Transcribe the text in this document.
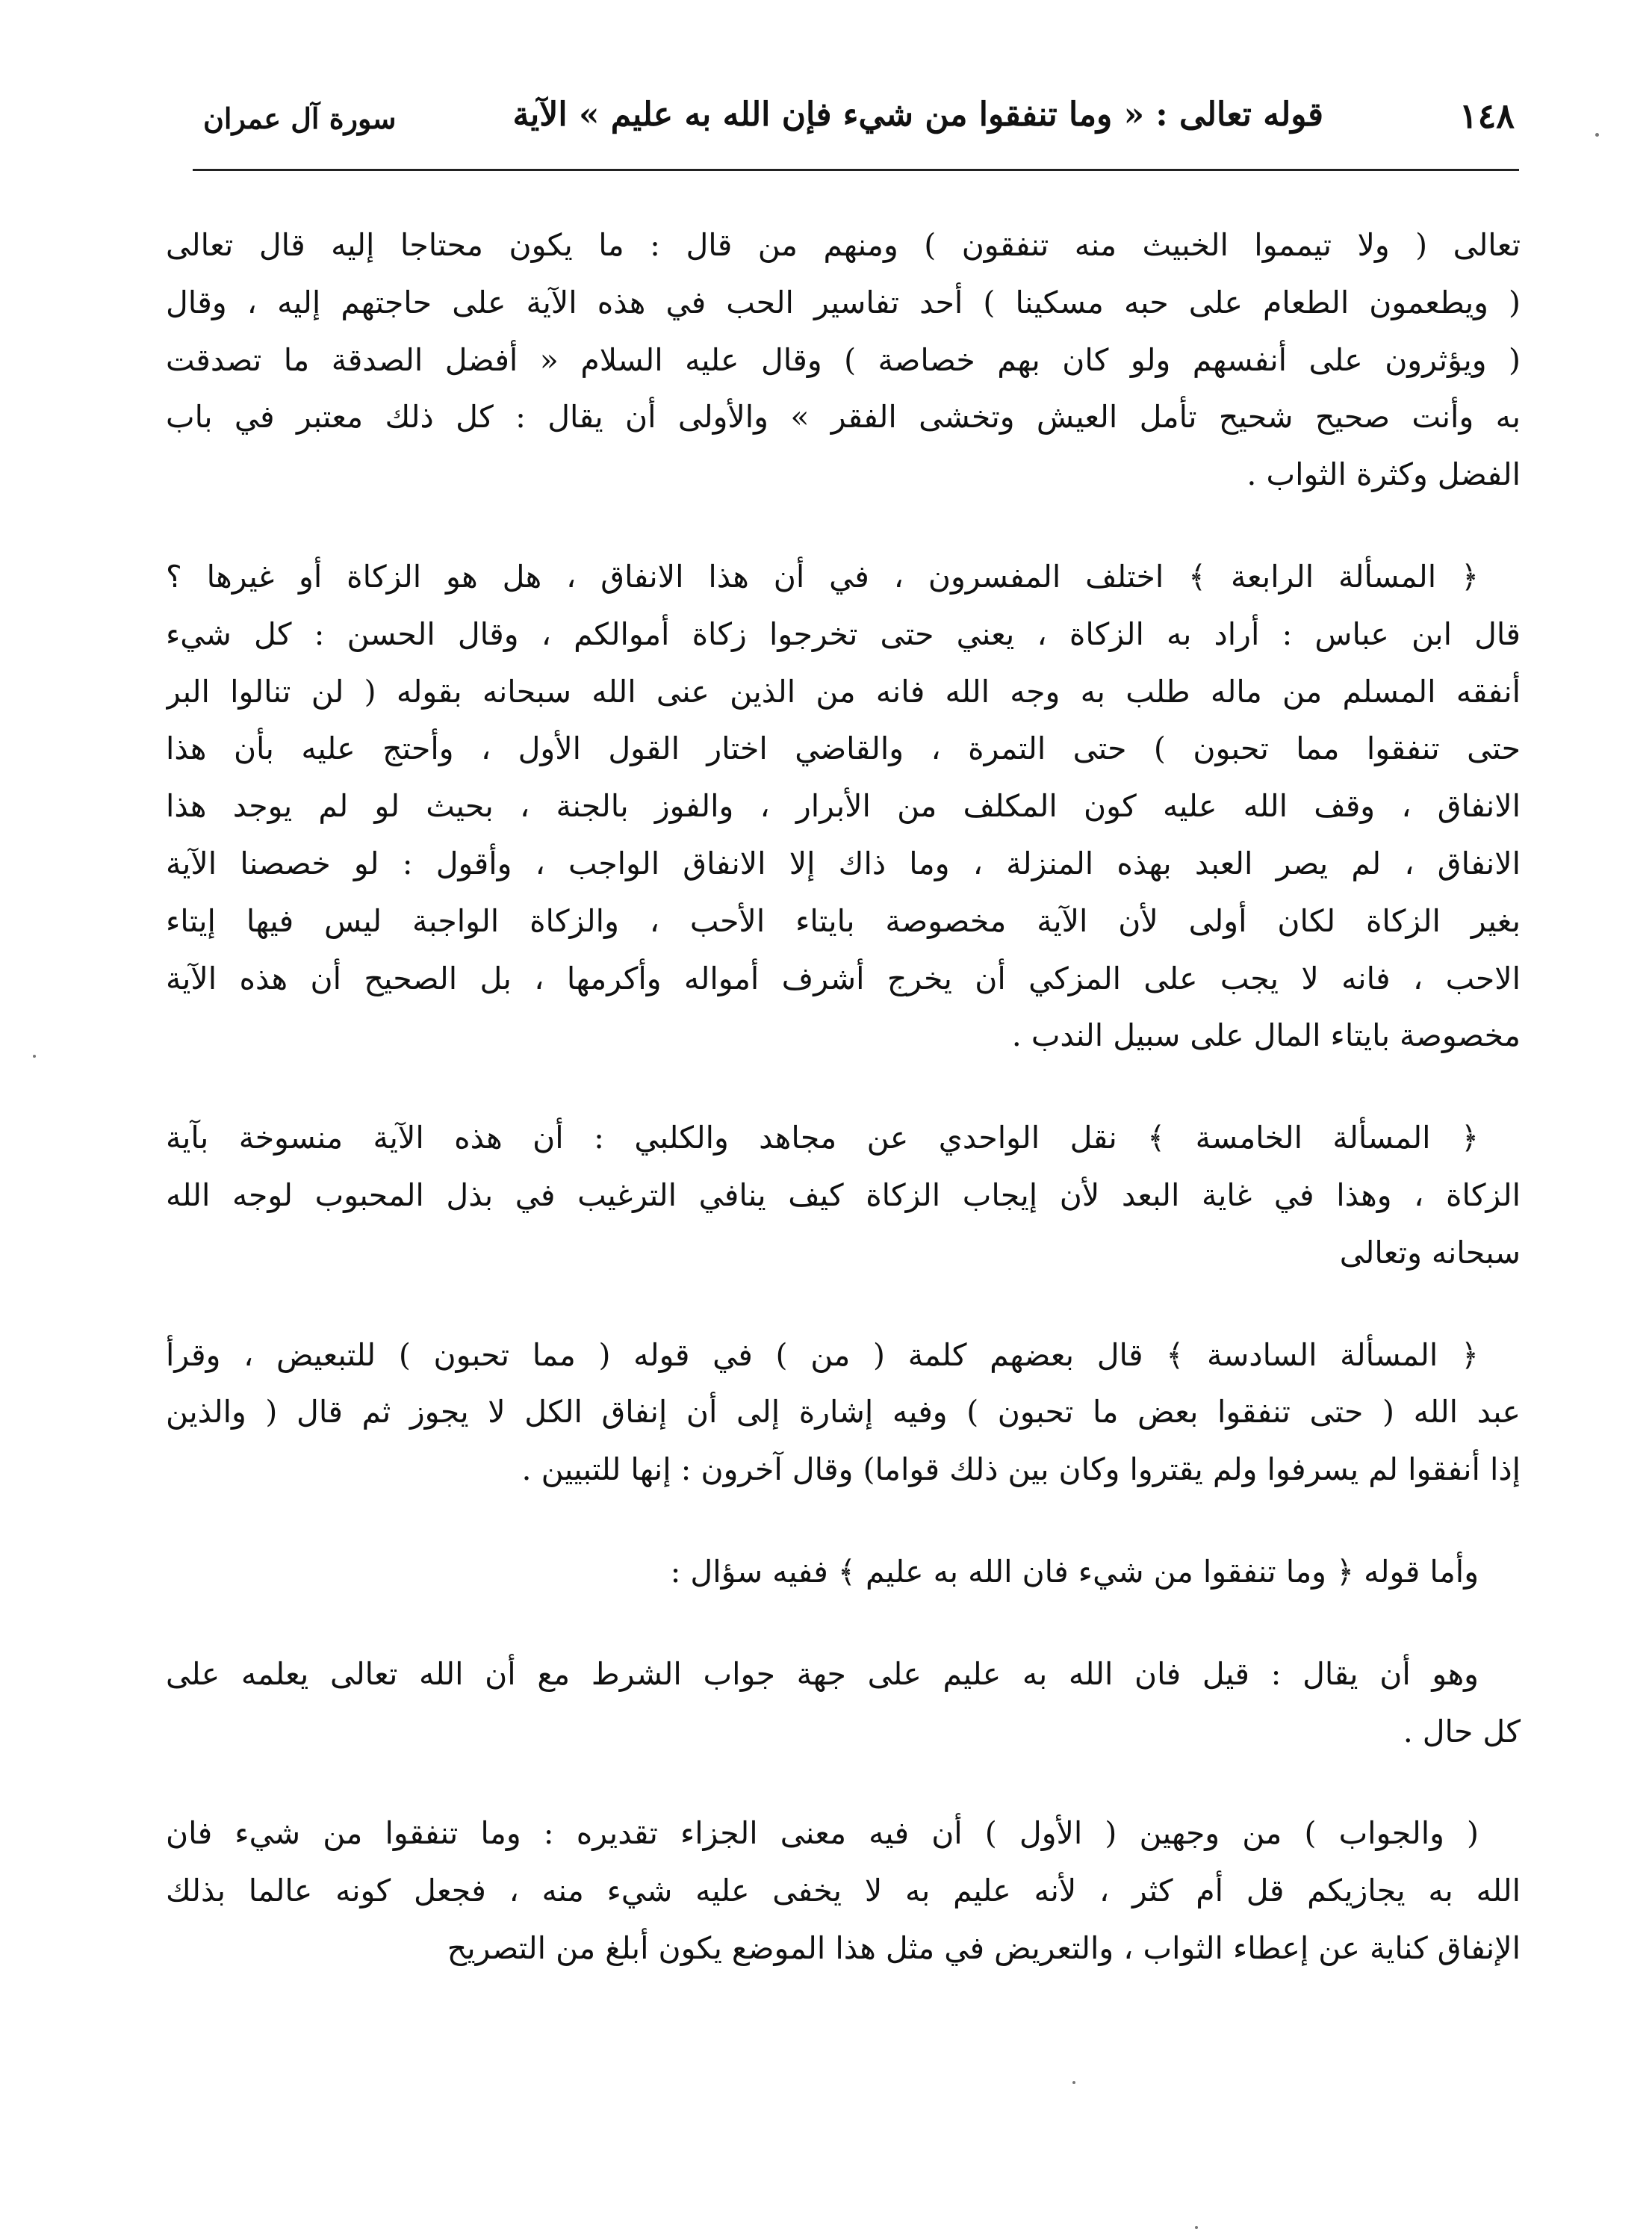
١٤٨
قوله تعالى : « وما تنفقوا من شيء فإن الله به عليم » الآية
سورة آل عمران
تعالى ( ولا تيمموا الخبيث منه تنفقون ) ومنهم من قال : ما يكون محتاجا إليه قال تعالى
( ويطعمون الطعام على حبه مسكينا ) أحد تفاسير الحب في هذه الآية على حاجتهم إليه ، وقال
( ويؤثرون على أنفسهم ولو كان بهم خصاصة ) وقال عليه السلام « أفضل الصدقة ما تصدقت
به وأنت صحيح شحيح تأمل العيش وتخشى الفقر » والأولى أن يقال : كل ذلك معتبر في باب
الفضل وكثرة الثواب .
﴿ المسألة الرابعة ﴾ اختلف المفسرون ، في أن هذا الانفاق ، هل هو الزكاة أو غيرها ؟
قال ابن عباس : أراد به الزكاة ، يعني حتى تخرجوا زكاة أموالكم ، وقال الحسن : كل شيء
أنفقه المسلم من ماله طلب به وجه الله فانه من الذين عنى الله سبحانه بقوله ( لن تنالوا البر
حتى تنفقوا مما تحبون ) حتى التمرة ، والقاضي اختار القول الأول ، وأحتج عليه بأن هذا
الانفاق ، وقف الله عليه كون المكلف من الأبرار ، والفوز بالجنة ، بحيث لو لم يوجد هذا
الانفاق ، لم يصر العبد بهذه المنزلة ، وما ذاك إلا الانفاق الواجب ، وأقول : لو خصصنا الآية
بغير الزكاة لكان أولى لأن الآية مخصوصة بايتاء الأحب ، والزكاة الواجبة ليس فيها إيتاء
الاحب ، فانه لا يجب على المزكي أن يخرج أشرف أمواله وأكرمها ، بل الصحيح أن هذه الآية
مخصوصة بايتاء المال على سبيل الندب .
﴿ المسألة الخامسة ﴾ نقل الواحدي عن مجاهد والكلبي : أن هذه الآية منسوخة بآية
الزكاة ، وهذا في غاية البعد لأن إيجاب الزكاة كيف ينافي الترغيب في بذل المحبوب لوجه الله
سبحانه وتعالى
﴿ المسألة السادسة ﴾ قال بعضهم كلمة ( من ) في قوله ( مما تحبون ) للتبعيض ، وقرأ
عبد الله ( حتى تنفقوا بعض ما تحبون ) وفيه إشارة إلى أن إنفاق الكل لا يجوز ثم قال ( والذين
إذا أنفقوا لم يسرفوا ولم يقتروا وكان بين ذلك قواما) وقال آخرون : إنها للتبيين .
وأما قوله ﴿ وما تنفقوا من شيء فان الله به عليم ﴾ ففيه سؤال :
وهو أن يقال : قيل فان الله به عليم على جهة جواب الشرط مع أن الله تعالى يعلمه على
كل حال .
( والجواب ) من وجهين ( الأول ) أن فيه معنى الجزاء تقديره : وما تنفقوا من شيء فان
الله به يجازيكم قل أم كثر ، لأنه عليم به لا يخفى عليه شيء منه ، فجعل كونه عالما بذلك
الإنفاق كناية عن إعطاء الثواب ، والتعريض في مثل هذا الموضع يكون أبلغ من التصريح
